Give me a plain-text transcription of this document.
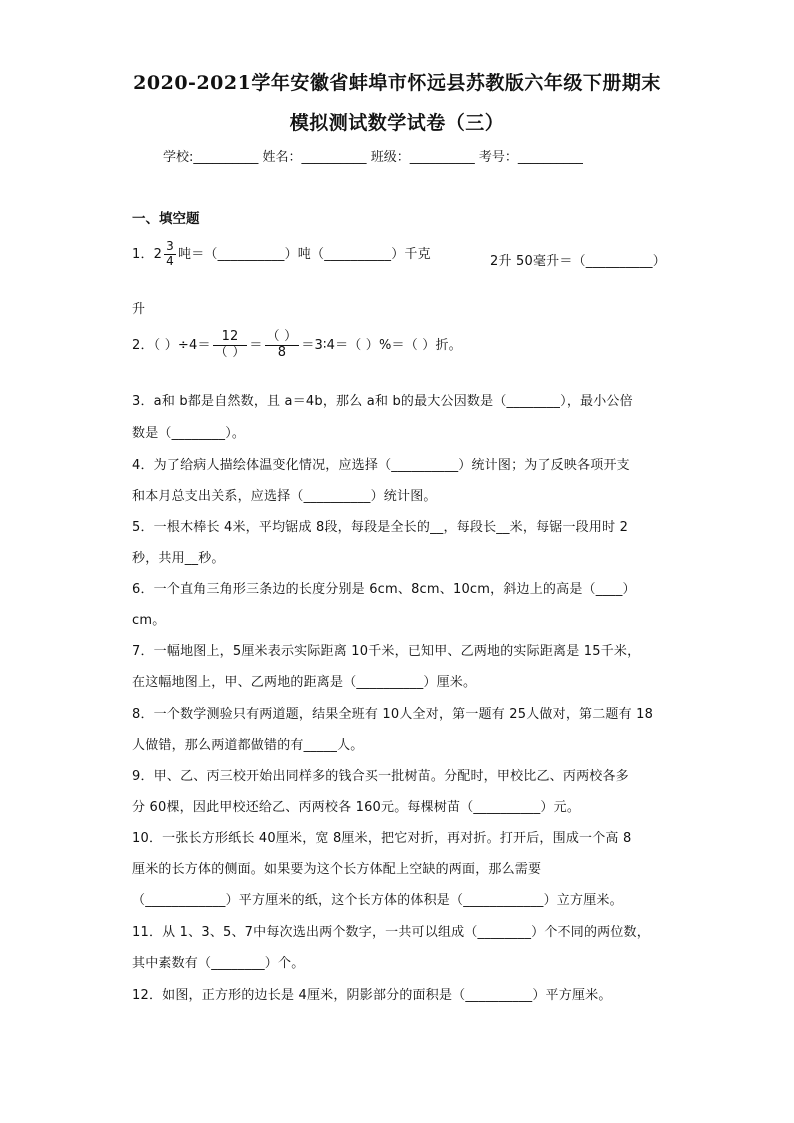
2020-2021学年安徽省蚌埠市怀远县苏教版六年级下册期末
模拟测试数学试卷（三）
学校:__________ 姓名：__________ 班级：__________ 考号：__________
一、填空题
1．$2 \frac{3}{4}$ 吨＝（__________）吨（__________）千克	2升 50毫升＝（__________）
升
2．（ ）$\div 4= \frac{12}{( )} = \frac{( )}{8}$ ＝3∶4＝（ ）%＝（ ）折。
3．a和 b都是自然数，且 a＝4b，那么 a和 b的最大公因数是（________），最小公倍
数是（________）。
4．为了给病人描绘体温变化情况，应选择（__________）统计图；为了反映各项开支
和本月总支出关系，应选择（__________）统计图。
5．一根木棒长 4米，平均锯成 8段，每段是全长的__，每段长__米，每锯一段用时 2
秒，共用__秒。
6．一个直角三角形三条边的长度分别是 6cm、8cm、10cm，斜边上的高是（____）
cm。
7．一幅地图上，5厘米表示实际距离 10千米，已知甲、乙两地的实际距离是 15千米，
在这幅地图上，甲、乙两地的距离是（__________）厘米。
8．一个数学测验只有两道题，结果全班有 10人全对，第一题有 25人做对，第二题有 18
人做错，那么两道都做错的有_____人。
9．甲、乙、丙三校开始出同样多的钱合买一批树苗。分配时，甲校比乙、丙两校各多
分 60棵，因此甲校还给乙、丙两校各 160元。每棵树苗（__________）元。
10．一张长方形纸长 40厘米，宽 8厘米，把它对折，再对折。打开后，围成一个高 8
厘米的长方体的侧面。如果要为这个长方体配上空缺的两面，那么需要
（____________）平方厘米的纸，这个长方体的体积是（____________）立方厘米。
11．从 1、3、5、7中每次选出两个数字，一共可以组成（________）个不同的两位数，
其中素数有（________）个。
12．如图，正方形的边长是 4厘米，阴影部分的面积是（__________）平方厘米。
